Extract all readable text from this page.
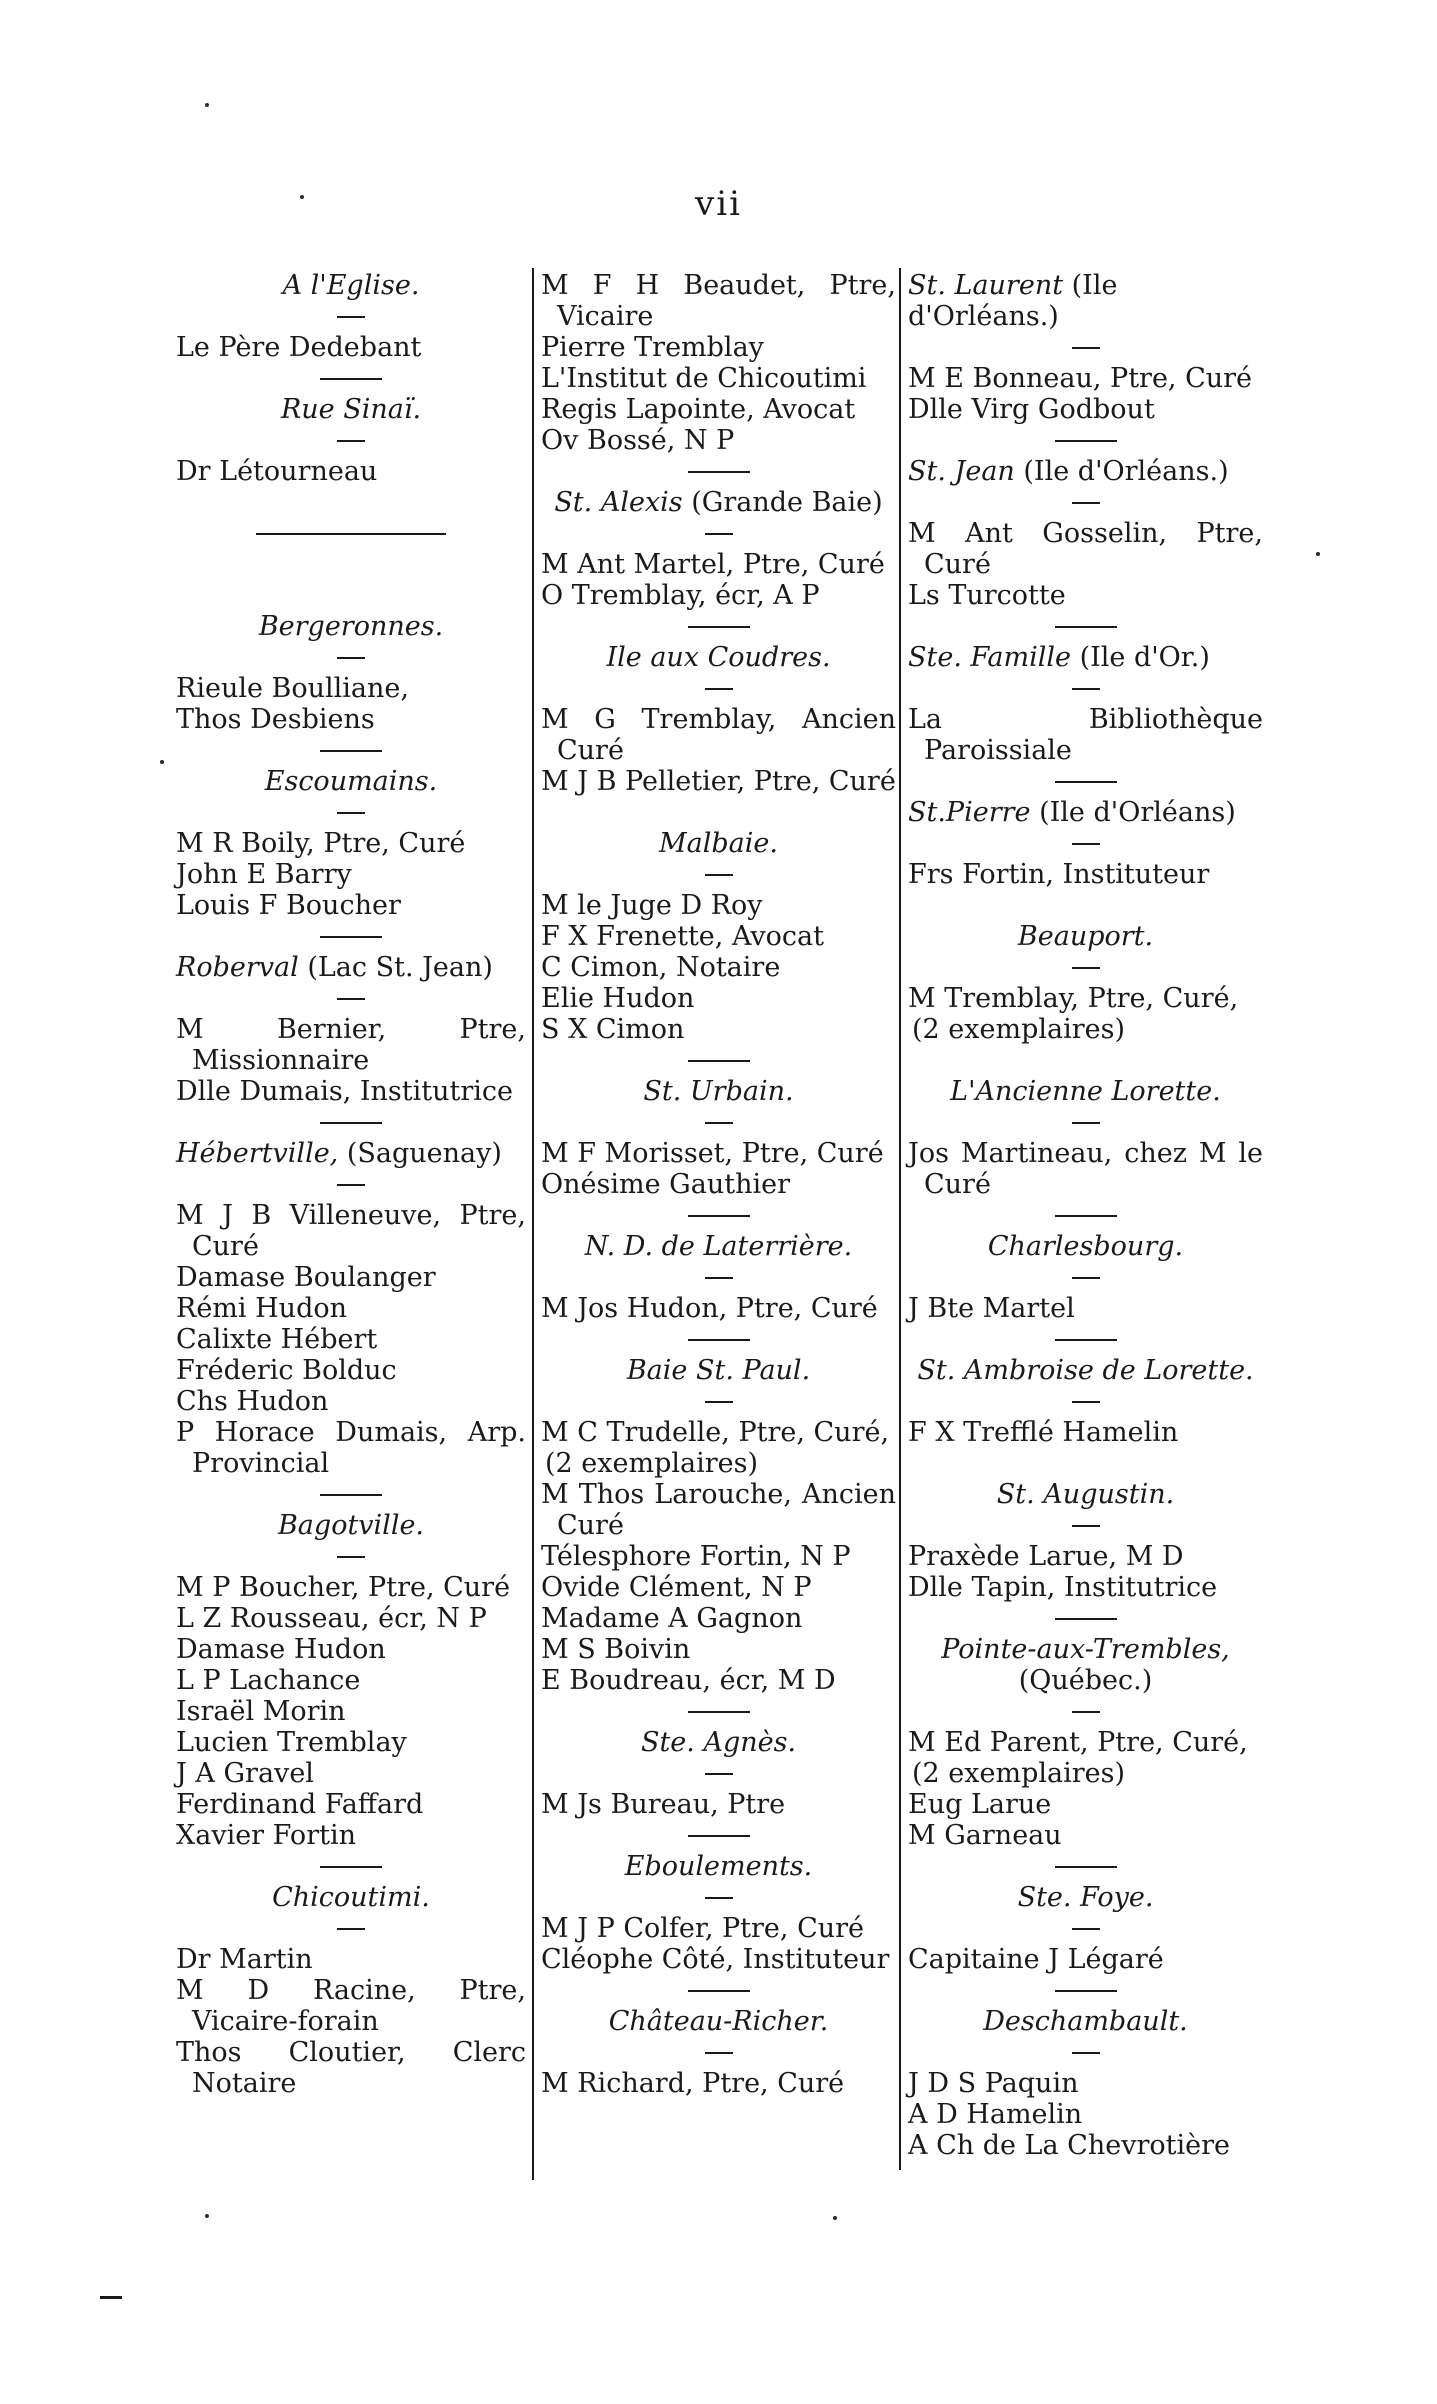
vii
A l'Eglise.
Le Père Dedebant
Rue Sinaï.
Dr Létourneau
Bergeronnes.
Rieule Boulliane,
Thos Desbiens
Escoumains.
M R Boily, Ptre, Curé
John E Barry
Louis F Boucher
Roberval (Lac St. Jean)
M Bernier, Ptre, Missionnaire
Dlle Dumais, Institutrice
Hébertville, (Saguenay)
M J B Villeneuve, Ptre, Curé
Damase Boulanger
Rémi Hudon
Calixte Hébert
Fréderic Bolduc
Chs Hudon
P Horace Dumais, Arp. Provincial
Bagotville.
M P Boucher, Ptre, Curé
L Z Rousseau, écr, N P
Damase Hudon
L P Lachance
Israël Morin
Lucien Tremblay
J A Gravel
Ferdinand Faffard
Xavier Fortin
Chicoutimi.
Dr Martin
M D Racine, Ptre, Vicaire-forain
Thos Cloutier, Clerc Notaire
M F H Beaudet, Ptre, Vicaire
Pierre Tremblay
L'Institut de Chicoutimi
Regis Lapointe, Avocat
Ov Bossé, N P
St. Alexis (Grande Baie)
M Ant Martel, Ptre, Curé
O Tremblay, écr, A P
Ile aux Coudres.
M G Tremblay, Ancien Curé
M J B Pelletier, Ptre, Curé
Malbaie.
M le Juge D Roy
F X Frenette, Avocat
C Cimon, Notaire
Elie Hudon
S X Cimon
St. Urbain.
M F Morisset, Ptre, Curé
Onésime Gauthier
N. D. de Laterrière.
M Jos Hudon, Ptre, Curé
Baie St. Paul.
M C Trudelle, Ptre, Curé,
(2 exemplaires)
M Thos Larouche, Ancien Curé
Télesphore Fortin, N P
Ovide Clément, N P
Madame A Gagnon
M S Boivin
E Boudreau, écr, M D
Ste. Agnès.
M Js Bureau, Ptre
Eboulements.
M J P Colfer, Ptre, Curé
Cléophe Côté, Instituteur
Château-Richer.
M Richard, Ptre, Curé
St. Laurent (Ile d'Orléans.)
M E Bonneau, Ptre, Curé
Dlle Virg Godbout
St. Jean (Ile d'Orléans.)
M Ant Gosselin, Ptre, Curé
Ls Turcotte
Ste. Famille (Ile d'Or.)
La Bibliothèque Paroissiale
St.Pierre (Ile d'Orléans)
Frs Fortin, Instituteur
Beauport.
M Tremblay, Ptre, Curé,
(2 exemplaires)
L'Ancienne Lorette.
Jos Martineau, chez M le Curé
Charlesbourg.
J Bte Martel
St. Ambroise de Lorette.
F X Trefflé Hamelin
St. Augustin.
Praxède Larue, M D
Dlle Tapin, Institutrice
Pointe-aux-Trembles,
(Québec.)
M Ed Parent, Ptre, Curé,
(2 exemplaires)
Eug Larue
M Garneau
Ste. Foye.
Capitaine J Légaré
Deschambault.
J D S Paquin
A D Hamelin
A Ch de La Chevrotière
